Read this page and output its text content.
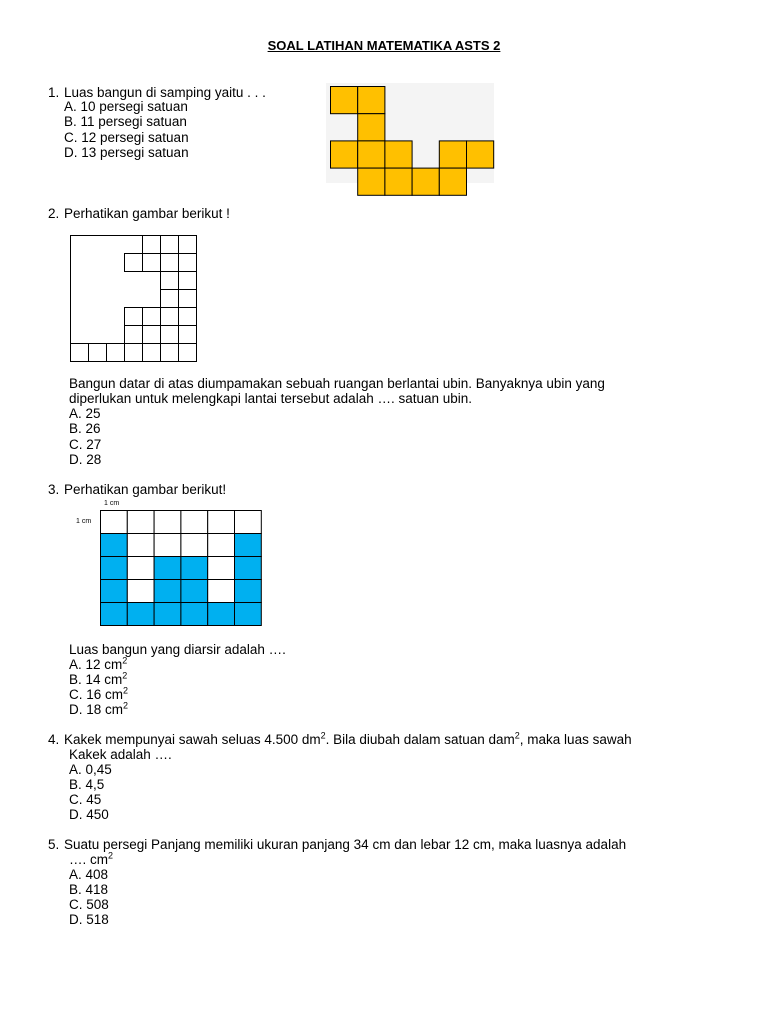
SOAL LATIHAN MATEMATIKA ASTS 2
1. Luas bangun di samping yaitu . . .
A. 10 persegi satuan
B. 11 persegi satuan
C. 12 persegi satuan
D. 13 persegi satuan
2. Perhatikan gambar berikut !
Bangun datar di atas diumpamakan sebuah ruangan berlantai ubin. Banyaknya ubin yang
diperlukan untuk melengkapi lantai tersebut adalah …. satuan ubin.
A. 25
B. 26
C. 27
D. 28
3. Perhatikan gambar berikut!
1 cm
1 cm
Luas bangun yang diarsir adalah ….
A. 12 $cm^2$
B. 14 $cm^2$
C. 16 $cm^2$
D. 18 $cm^2$
4. Kakek mempunyai sawah seluas 4.500 $dm^2$. Bila diubah dalam satuan dam$^2$, maka luas sawah
Kakek adalah ….
A. 0,45
B. 4,5
C. 45
D. 450
5. Suatu persegi Panjang memiliki ukuran panjang 34 cm dan lebar 12 cm, maka luasnya adalah
…. $cm^2$
A. 408
B. 418
C. 508
D. 518
